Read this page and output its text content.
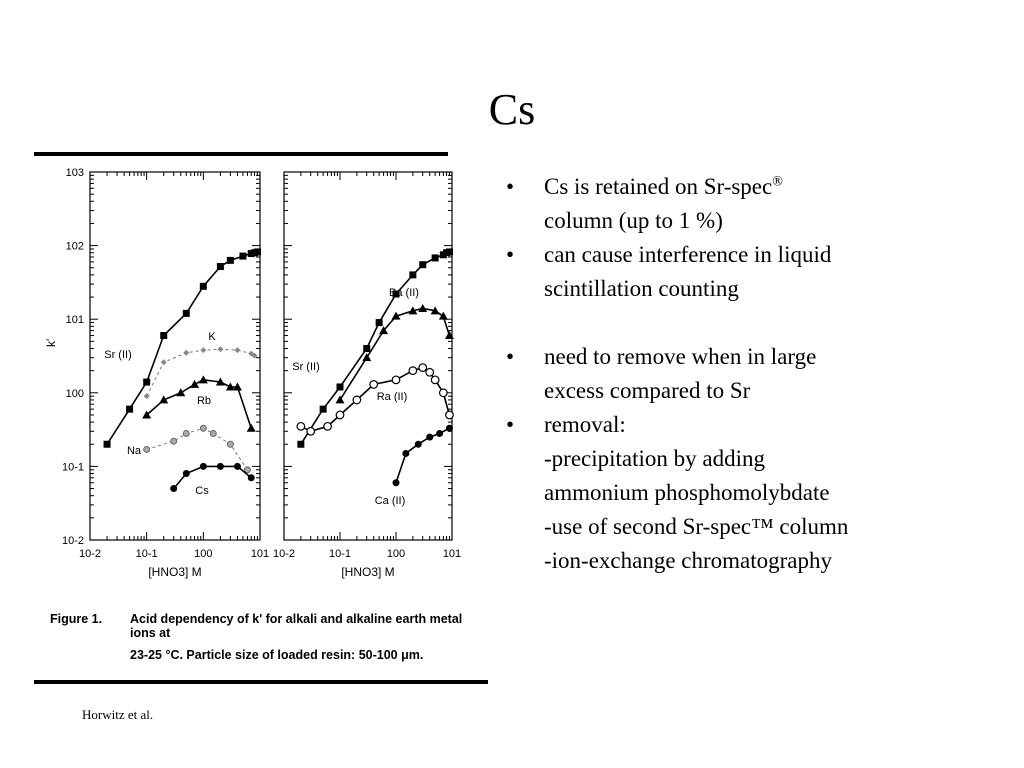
Cs
k'
10-2	10-1	100	101
10-2
10-1
100
101
102
103
[HNO3] M
Sr (II)
K
Rb
Na
Cs
10-2	10-1	100	101
[HNO3] M
Sr (II)
Ba (II)
Ra (II)
Ca (II)
Figure 1. Acid dependency of k' for alkali and alkaline earth metal ions at
23-25 °C. Particle size of loaded resin: 50-100 μm.
• Cs is retained on Sr-spec®
column (up to 1 %)
• can cause interference in liquid
scintillation counting
• need to remove when in large
excess compared to Sr
• removal:
-precipitation by adding
ammonium phosphomolybdate
-use of second Sr-spec™ column
-ion-exchange chromatography
Horwitz et al.
